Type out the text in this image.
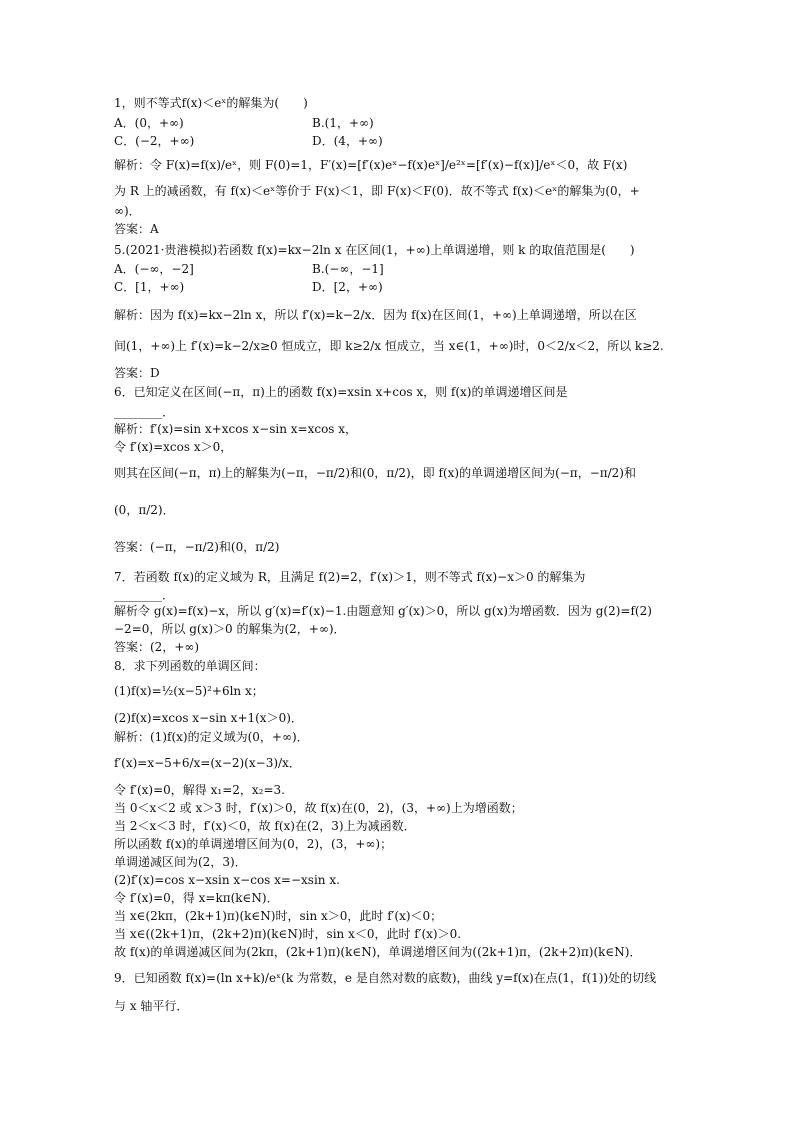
1，则不等式f(x)＜eˣ的解集为(　　)
A．(0，+∞)	B.(1，+∞)
C．(−2，+∞)	D．(4，+∞)
解析：令 F(x)=f(x)/eˣ，则 F(0)=1，F′(x)=[f′(x)eˣ−f(x)eˣ]/e²ˣ=[f′(x)−f(x)]/eˣ＜0，故 F(x)
为 R 上的减函数，有 f(x)＜eˣ等价于 F(x)＜1，即 F(x)＜F(0)．故不等式 f(x)＜eˣ的解集为(0，+
∞)．
答案：A
5.(2021·贵港模拟)若函数 f(x)=kx−2ln x 在区间(1，+∞)上单调递增，则 k 的取值范围是(　　)
A．(−∞，−2]	B.(−∞，−1]
C．[1，+∞)	D．[2，+∞)
解析：因为 f(x)=kx−2ln x，所以 f′(x)=k−2/x．因为 f(x)在区间(1，+∞)上单调递增，所以在区
间(1，+∞)上 f′(x)=k−2/x≥0 恒成立，即 k≥2/x 恒成立，当 x∈(1，+∞)时，0＜2/x＜2，所以 k≥2.
答案：D
6．已知定义在区间(−π，π)上的函数 f(x)=xsin x+cos x，则 f(x)的单调递增区间是
________．
解析：f′(x)=sin x+xcos x−sin x=xcos x，
令 f′(x)=xcos x＞0，
则其在区间(−π，π)上的解集为(−π，−π/2)和(0，π/2)，即 f(x)的单调递增区间为(−π，−π/2)和
(0，π/2)．
答案：(−π，−π/2)和(0，π/2)
7．若函数 f(x)的定义域为 R，且满足 f(2)=2，f′(x)＞1，则不等式 f(x)−x＞0 的解集为
________．
解析令 g(x)=f(x)−x，所以 g′(x)=f′(x)−1.由题意知 g′(x)＞0，所以 g(x)为增函数．因为 g(2)=f(2)
−2=0，所以 g(x)＞0 的解集为(2，+∞)．
答案：(2，+∞)
8．求下列函数的单调区间：
(1)f(x)=½(x−5)²+6ln x；
(2)f(x)=xcos x−sin x+1(x＞0)．
解析：(1)f(x)的定义域为(0，+∞)．
f′(x)=x−5+6/x=(x−2)(x−3)/x．
令 f′(x)=0，解得 x₁=2，x₂=3.
当 0＜x＜2 或 x＞3 时，f′(x)＞0，故 f(x)在(0，2)，(3，+∞)上为增函数；
当 2＜x＜3 时，f′(x)＜0，故 f(x)在(2，3)上为减函数．
所以函数 f(x)的单调递增区间为(0，2)，(3，+∞)；
单调递减区间为(2，3)．
(2)f′(x)=cos x−xsin x−cos x=−xsin x.
令 f′(x)=0，得 x=kπ(k∈N)．
当 x∈(2kπ，(2k+1)π)(k∈N)时，sin x＞0，此时 f′(x)＜0；
当 x∈((2k+1)π，(2k+2)π)(k∈N)时，sin x＜0，此时 f′(x)＞0.
故 f(x)的单调递减区间为(2kπ，(2k+1)π)(k∈N)，单调递增区间为((2k+1)π，(2k+2)π)(k∈N)．
9．已知函数 f(x)=(ln x+k)/eˣ(k 为常数，e 是自然对数的底数)，曲线 y=f(x)在点(1，f(1))处的切线
与 x 轴平行．
